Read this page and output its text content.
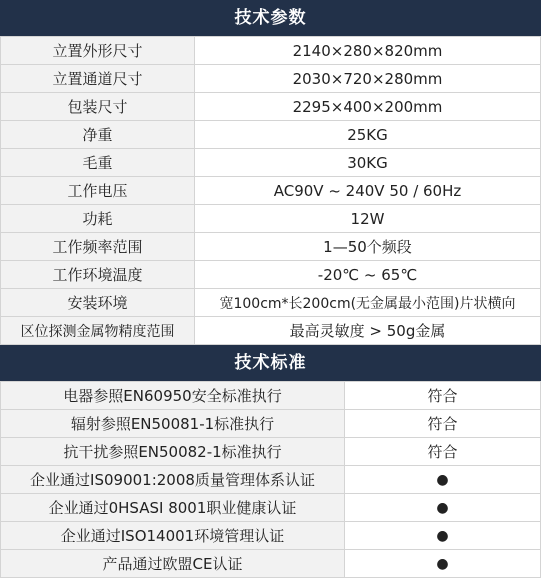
技术参数
立置外形尺寸	2140×280×820mm
立置通道尺寸	2030×720×280mm
包装尺寸	2295×400×200mm
净重	25KG
毛重	30KG
工作电压	AC90V ~ 240V 50 / 60Hz
功耗	12W
工作频率范围	1—50个频段
工作环境温度	-20℃ ~ 65℃
安装环境	宽100cm*长200cm(无金属最小范围)片状横向
区位探测金属物精度范围	最高灵敏度 > 50g金属
技术标准
电器参照EN60950安全标准执行	符合
辐射参照EN50081-1标准执行	符合
抗干扰参照EN50082-1标准执行	符合
企业通过IS09001:2008质量管理体系认证	●
企业通过0HSASI 8001职业健康认证	●
企业通过ISO14001环境管理认证	●
产品通过欧盟CE认证	●
